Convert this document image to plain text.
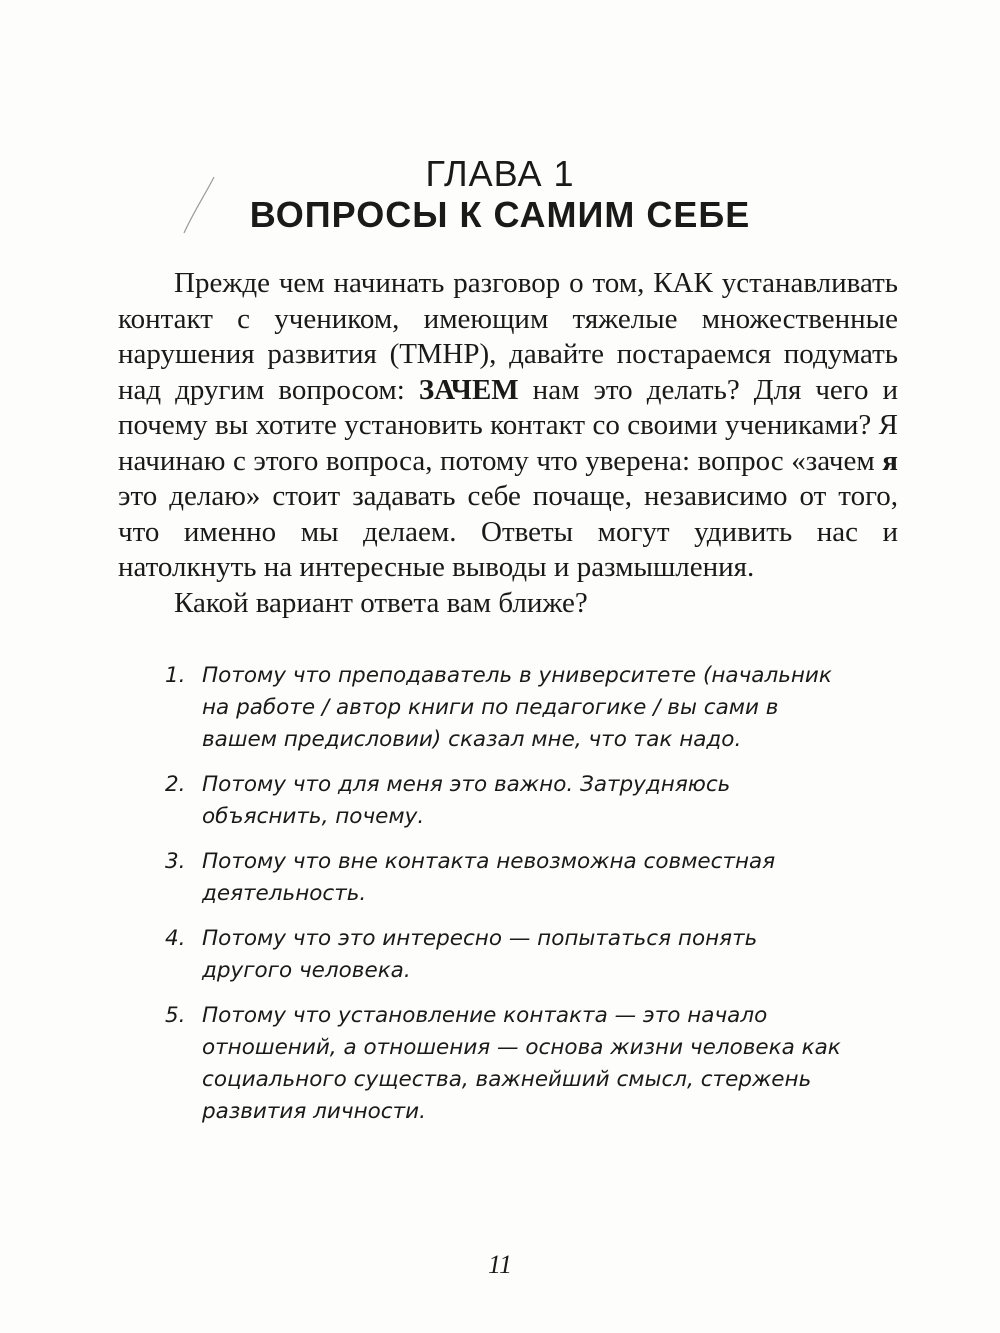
ГЛАВА 1
ВОПРОСЫ К САМИМ СЕБЕ

Прежде чем начинать разговор о том, КАК устанавливать контакт с учеником, имеющим тяжелые множественные нарушения развития (ТМНР), давайте постараемся подумать над другим вопросом: ЗАЧЕМ нам это делать? Для чего и почему вы хотите установить контакт со своими учениками? Я начинаю с этого вопроса, потому что уверена: вопрос «зачем я это делаю» стоит задавать себе почаще, независимо от того, что именно мы делаем. Ответы могут удивить нас и натолкнуть на интересные выводы и размышления.

Какой вариант ответа вам ближе?
1. Потому что преподаватель в университете (начальник на работе / автор книги по педагогике / вы сами в вашем предисловии) сказал мне, что так надо.
2. Потому что для меня это важно. Затрудняюсь объяснить, почему.
3. Потому что вне контакта невозможна совместная деятельность.
4. Потому что это интересно — попытаться понять другого человека.
5. Потому что установление контакта — это начало отношений, а отношения — основа жизни человека как социального существа, важнейший смысл, стержень развития личности.
11
